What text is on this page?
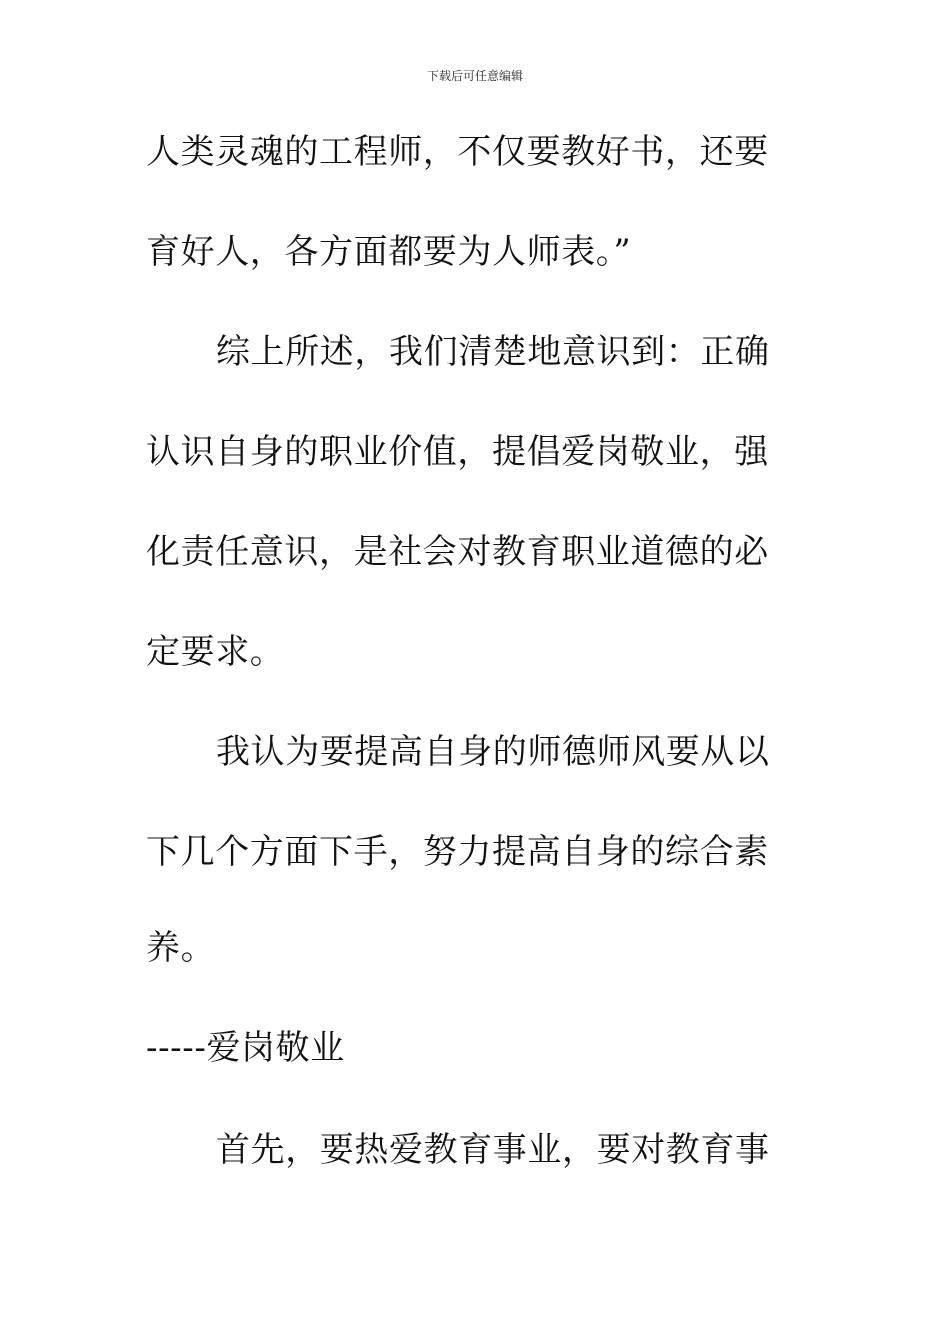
下载后可任意编辑
人类灵魂的工程师，不仅要教好书，还要
育好人，各方面都要为人师表。”
综上所述，我们清楚地意识到：正确
认识自身的职业价值，提倡爱岗敬业，强
化责任意识，是社会对教育职业道德的必
定要求。
我认为要提高自身的师德师风要从以
下几个方面下手，努力提高自身的综合素
养。
-----爱岗敬业
首先，要热爱教育事业，要对教育事
